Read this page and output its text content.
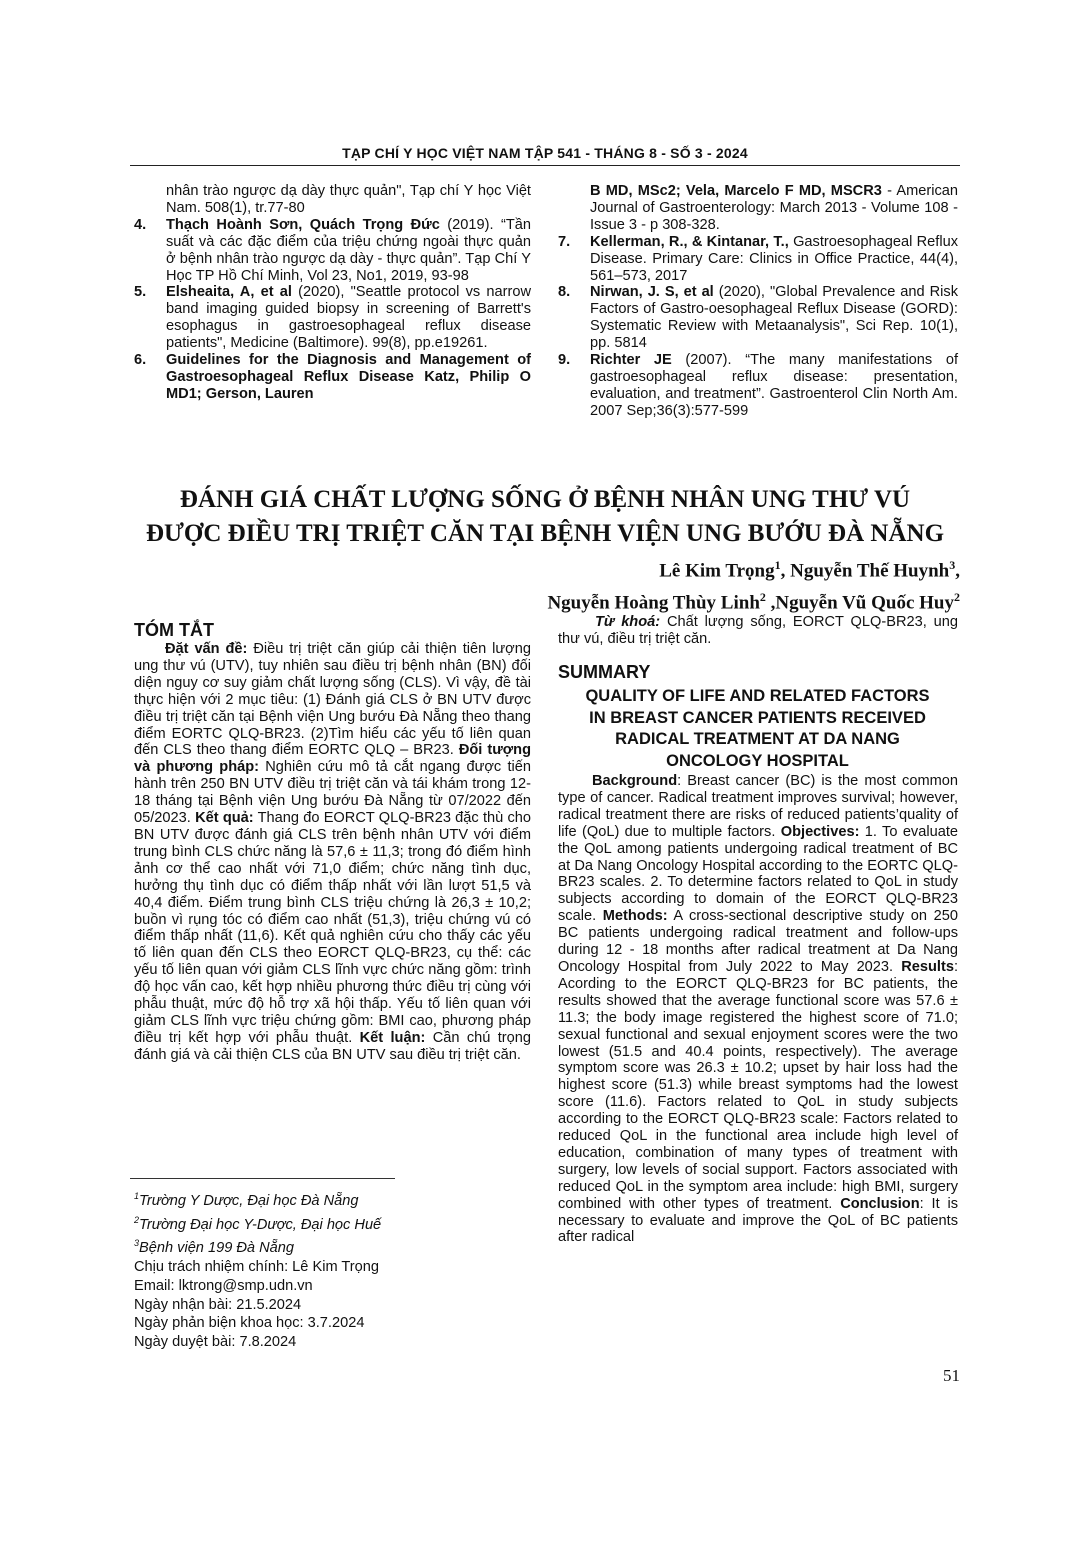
TẠP CHÍ Y HỌC VIỆT NAM TẬP 541 - THÁNG 8 - SỐ 3 - 2024

nhân trào ngược dạ dày thực quản", Tạp chí Y học Việt Nam. 508(1), tr.77-80

4. Thạch Hoành Sơn, Quách Trọng Đức (2019). “Tần suất và các đặc điểm của triệu chứng ngoài thực quản ở bệnh nhân trào ngược dạ dày - thực quản”. Tạp Chí Y Học TP Hồ Chí Minh, Vol 23, No1, 2019, 93-98

5. Elsheaita, A, et al (2020), "Seattle protocol vs narrow band imaging guided biopsy in screening of Barrett's esophagus in gastroesophageal reflux disease patients", Medicine (Baltimore). 99(8), pp.e19261.

6. Guidelines for the Diagnosis and Management of Gastroesophageal Reflux Disease Katz, Philip O MD1; Gerson, Lauren

B MD, MSc2; Vela, Marcelo F MD, MSCR3 - American Journal of Gastroenterology: March 2013 - Volume 108 - Issue 3 - p 308-328.

7. Kellerman, R., & Kintanar, T., Gastroesophageal Reflux Disease. Primary Care: Clinics in Office Practice, 44(4), 561–573, 2017

8. Nirwan, J. S, et al (2020), "Global Prevalence and Risk Factors of Gastro-oesophageal Reflux Disease (GORD): Systematic Review with Metaanalysis", Sci Rep. 10(1), pp. 5814

9. Richter JE (2007). “The many manifestations of gastroesophageal reflux disease: presentation, evaluation, and treatment”. Gastroenterol Clin North Am. 2007 Sep;36(3):577-599

ĐÁNH GIÁ CHẤT LƯỢNG SỐNG Ở BỆNH NHÂN UNG THƯ VÚ
ĐƯỢC ĐIỀU TRỊ TRIỆT CĂN TẠI BỆNH VIỆN UNG BƯỚU ĐÀ NẴNG
Lê Kim Trọng$^1$, Nguyễn Thế Huynh$^3$,
Nguyễn Hoàng Thùy Linh$^2$ ,Nguyễn Vũ Quốc Huy$^2$
TÓM TẮT

Đặt vấn đề: Điều trị triệt căn giúp cải thiện tiên lượng ung thư vú (UTV), tuy nhiên sau điều trị bệnh nhân (BN) đối diện nguy cơ suy giảm chất lượng sống (CLS). Vì vậy, đề tài thực hiện với 2 mục tiêu: (1) Đánh giá CLS ở BN UTV được điều trị triệt căn tại Bệnh viện Ung bướu Đà Nẵng theo thang điểm EORTC QLQ-BR23. (2)Tìm hiểu các yếu tố liên quan đến CLS theo thang điểm EORTC QLQ – BR23. Đối tượng và phương pháp: Nghiên cứu mô tả cắt ngang được tiến hành trên 250 BN UTV điều trị triệt căn và tái khám trong 12-18 tháng tại Bệnh viện Ung bướu Đà Nẵng từ 07/2022 đến 05/2023. Kết quả: Thang đo EORCT QLQ-BR23 đặc thù cho BN UTV được đánh giá CLS trên bệnh nhân UTV với điểm trung bình CLS chức năng là 57,6 ± 11,3; trong đó điểm hình ảnh cơ thể cao nhất với 71,0 điểm; chức năng tình dục, hưởng thụ tình dục có điểm thấp nhất với lần lượt 51,5 và 40,4 điểm. Điểm trung bình CLS triệu chứng là 26,3 ± 10,2; buồn vì rụng tóc có điểm cao nhất (51,3), triệu chứng vú có điểm thấp nhất (11,6). Kết quả nghiên cứu cho thấy các yếu tố liên quan đến CLS theo EORCT QLQ-BR23, cụ thể: các yếu tố liên quan với giảm CLS lĩnh vực chức năng gồm: trình độ học vấn cao, kết hợp nhiều phương thức điều trị cùng với phẫu thuật, mức độ hỗ trợ xã hội thấp. Yếu tố liên quan với giảm CLS lĩnh vực triệu chứng gồm: BMI cao, phương pháp điều trị kết hợp với phẫu thuật. Kết luận: Cần chú trọng đánh giá và cải thiện CLS của BN UTV sau điều trị triệt căn.

$^1$Trường Y Dược, Đại học Đà Nẵng
$^2$Trường Đại học Y-Dược, Đại học Huế
$^3$Bệnh viện 199 Đà Nẵng
Chịu trách nhiệm chính: Lê Kim Trọng
Email: lktrong@smp.udn.vn
Ngày nhận bài: 21.5.2024
Ngày phản biện khoa học: 3.7.2024
Ngày duyệt bài: 7.8.2024

Từ khoá: Chất lượng sống, EORCT QLQ-BR23, ung thư vú, điều trị triệt căn.

SUMMARY
QUALITY OF LIFE AND RELATED FACTORS
IN BREAST CANCER PATIENTS RECEIVED
RADICAL TREATMENT AT DA NANG
ONCOLOGY HOSPITAL

Background: Breast cancer (BC) is the most common type of cancer. Radical treatment improves survival; however, radical treatment there are risks of reduced patients’quality of life (QoL) due to multiple factors. Objectives: 1. To evaluate the QoL among patients undergoing radical treatment of BC at Da Nang Oncology Hospital according to the EORTC QLQ-BR23 scales. 2. To determine factors related to QoL in study subjects according to domain of the EORCT QLQ-BR23 scale. Methods: A cross-sectional descriptive study on 250 BC patients undergoing radical treatment and follow-ups during 12 - 18 months after radical treatment at Da Nang Oncology Hospital from July 2022 to May 2023. Results: Acording to the EORCT QLQ-BR23 for BC patients, the results showed that the average functional score was 57.6 ± 11.3; the body image registered the highest score of 71.0; sexual functional and sexual enjoyment scores were the two lowest (51.5 and 40.4 points, respectively). The average symptom score was 26.3 ± 10.2; upset by hair loss had the highest score (51.3) while breast symptoms had the lowest score (11.6). Factors related to QoL in study subjects according to the EORCT QLQ-BR23 scale: Factors related to reduced QoL in the functional area include high level of education, combination of many types of treatment with surgery, low levels of social support. Factors associated with reduced QoL in the symptom area include: high BMI, surgery combined with other types of treatment. Conclusion: It is necessary to evaluate and improve the QoL of BC patients after radical

51
